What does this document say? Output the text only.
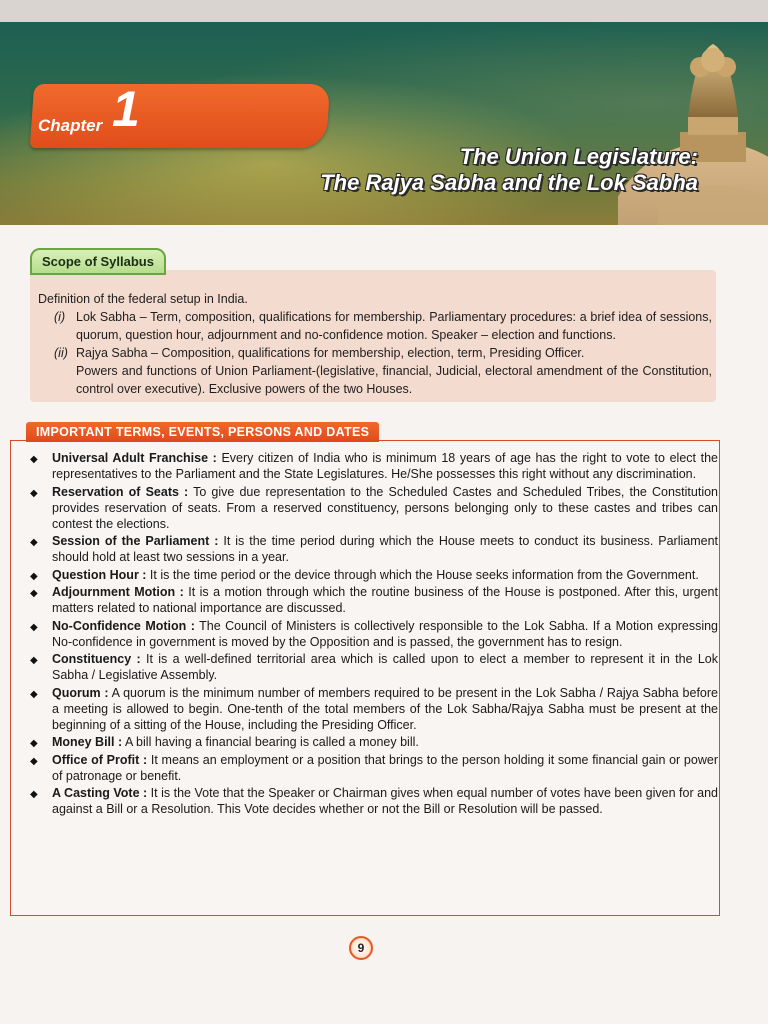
Chapter 1
The Union Legislature:
The Rajya Sabha and the Lok Sabha
Scope of Syllabus

Definition of the federal setup in India.

(i) Lok Sabha – Term, composition, qualifications for membership. Parliamentary procedures: a brief idea of sessions, quorum, question hour, adjournment and no-confidence motion. Speaker – election and functions.
(ii) Rajya Sabha – Composition, qualifications for membership, election, term, Presiding Officer.

Powers and functions of Union Parliament-(legislative, financial, Judicial, electoral amendment of the Constitution, control over executive). Exclusive powers of the two Houses.

IMPORTANT TERMS, EVENTS, PERSONS AND DATES
◆ Universal Adult Franchise : Every citizen of India who is minimum 18 years of age has the right to vote to elect the representatives to the Parliament and the State Legislatures. He/She possesses this right without any discrimination.
◆ Reservation of Seats : To give due representation to the Scheduled Castes and Scheduled Tribes, the Constitution provides reservation of seats. From a reserved constituency, persons belonging only to these castes and tribes can contest the elections.
◆ Session of the Parliament : It is the time period during which the House meets to conduct its business. Parliament should hold at least two sessions in a year.
◆ Question Hour : It is the time period or the device through which the House seeks information from the Government.
◆ Adjournment Motion : It is a motion through which the routine business of the House is postponed. After this, urgent matters related to national importance are discussed.
◆ No-Confidence Motion : The Council of Ministers is collectively responsible to the Lok Sabha. If a Motion expressing No-confidence in government is moved by the Opposition and is passed, the government has to resign.
◆ Constituency : It is a well-defined territorial area which is called upon to elect a member to represent it in the Lok Sabha / Legislative Assembly.
◆ Quorum : A quorum is the minimum number of members required to be present in the Lok Sabha / Rajya Sabha before a meeting is allowed to begin. One-tenth of the total members of the Lok Sabha/Rajya Sabha must be present at the beginning of a sitting of the House, including the Presiding Officer.
◆ Money Bill : A bill having a financial bearing is called a money bill.
◆ Office of Profit : It means an employment or a position that brings to the person holding it some financial gain or power of patronage or benefit.
◆ A Casting Vote : It is the Vote that the Speaker or Chairman gives when equal number of votes have been given for and against a Bill or a Resolution. This Vote decides whether or not the Bill or Resolution will be passed.
9
